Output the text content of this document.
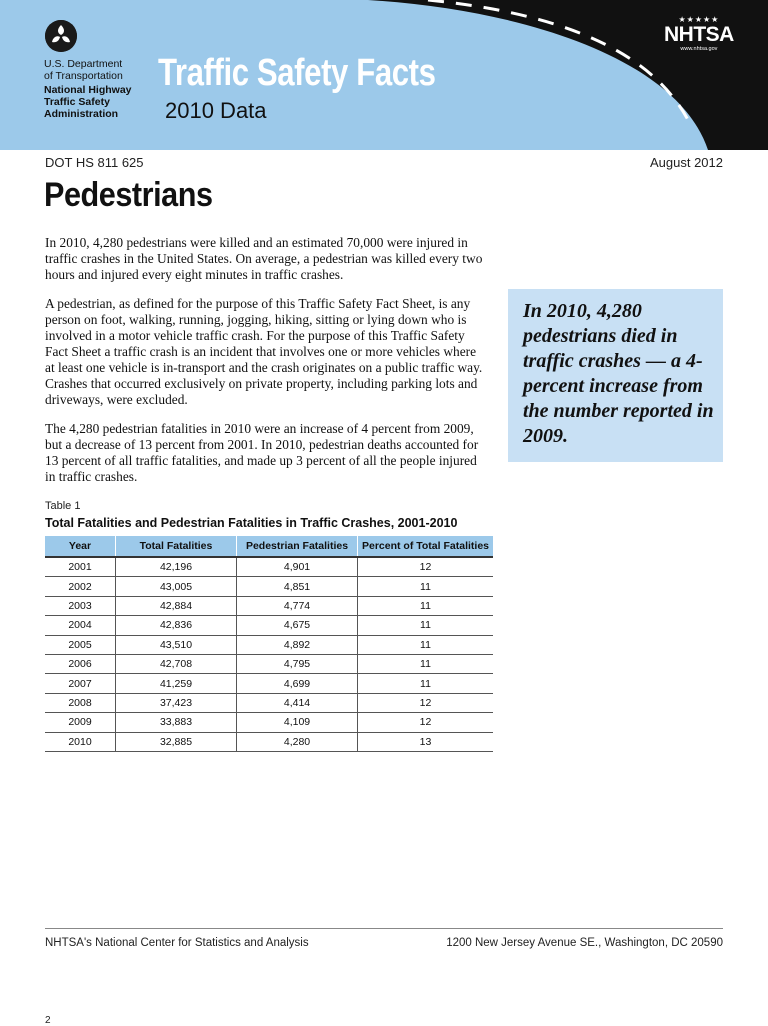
U.S. Department
of Transportation
National Highway
Traffic Safety
Administration
Traffic Safety Facts
2010 Data
★★★★★
NHTSA
www.nhtsa.gov
DOT HS 811 625	August 2012
Pedestrians

In 2010, 4,280 pedestrians were killed and an estimated 70,000 were injured in traffic crashes in the United States. On average, a pedestrian was killed every two hours and injured every eight minutes in traffic crashes.

A pedestrian, as defined for the purpose of this Traffic Safety Fact Sheet, is any person on foot, walking, running, jogging, hiking, sitting or lying down who is involved in a motor vehicle traffic crash. For the purpose of this Traffic Safety Fact Sheet a traffic crash is an incident that involves one or more vehicles where at least one vehicle is in-transport and the crash originates on a public traffic way. Crashes that occurred exclusively on private property, including parking lots and driveways, were excluded.

The 4,280 pedestrian fatalities in 2010 were an increase of 4 percent from 2009, but a decrease of 13 percent from 2001. In 2010, pedestrian deaths accounted for 13 percent of all traffic fatalities, and made up 3 percent of all the people injured in traffic crashes.

In 2010, 4,280 pedestrians died in traffic crashes — a 4-percent increase from the number reported in 2009.

Table 1
Total Fatalities and Pedestrian Fatalities in Traffic Crashes, 2001-2010
Year	Total Fatalities	Pedestrian Fatalities	Percent of Total Fatalities
2001	42,196	4,901	12
2002	43,005	4,851	11
2003	42,884	4,774	11
2004	42,836	4,675	11
2005	43,510	4,892	11
2006	42,708	4,795	11
2007	41,259	4,699	11
2008	37,423	4,414	12
2009	33,883	4,109	12
2010	32,885	4,280	13
NHTSA's National Center for Statistics and Analysis	1200 New Jersey Avenue SE., Washington, DC 20590
2
